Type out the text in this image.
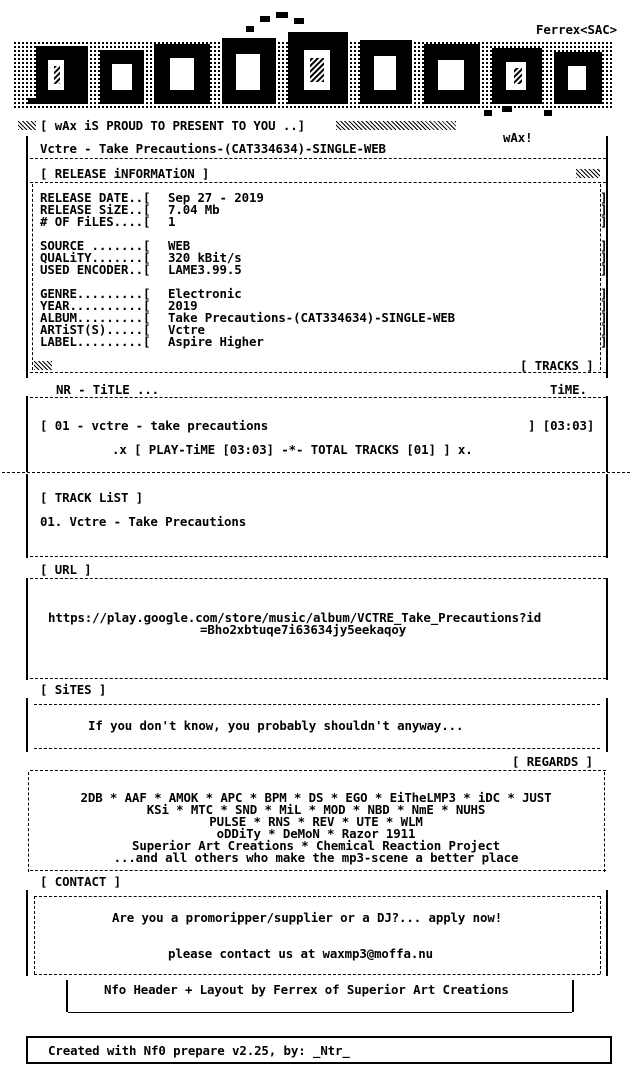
Ferrex<SAC>
[ wAx iS PROUD TO PRESENT TO YOU ..]
wAx!
Vctre - Take Precautions-(CAT334634)-SINGLE-WEB
[ RELEASE iNFORMATiON ]
RELEASE DATE..[ Sep 27 - 2019
RELEASE SiZE..[ 7.04 Mb
# OF FiLES....[ 1
SOURCE .......[ WEB
QUALiTY.......[ 320 kBit/s
USED ENCODER..[ LAME3.99.5
GENRE.........[ Electronic
YEAR..........[ 2019
ALBUM.........[ Take Precautions-(CAT334634)-SINGLE-WEB
ARTiST(S).....[ Vctre
LABEL.........[ Aspire Higher
]
]
]
]
]
]
]
]
]
]
]
[ TRACKS ]
NR - TiTLE ...	TiME.
[ 01 - vctre - take precautions	] [03:03]
.x [ PLAY-TiME [03:03] -*- TOTAL TRACKS [01] ] x.
[ TRACK LiST ]
01. Vctre - Take Precautions
[ URL ]
https://play.google.com/store/music/album/VCTRE_Take_Precautions?id
=Bho2xbtuqe7i63634jy5eekaqoy
[ SiTES ]
If you don't know, you probably shouldn't anyway...
[ REGARDS ]
2DB * AAF * AMOK * APC * BPM * DS * EGO * EiTheLMP3 * iDC * JUST
KSi * MTC * SND * MiL * MOD * NBD * NmE * NUHS
PULSE * RNS * REV * UTE * WLM
oDDiTy * DeMoN * Razor 1911
Superior Art Creations * Chemical Reaction Project
...and all others who make the mp3-scene a better place
[ CONTACT ]
Are you a promoripper/supplier or a DJ?... apply now!
please contact us at waxmp3@moffa.nu
Nfo Header + Layout by Ferrex of Superior Art Creations
Created with Nf0 prepare v2.25, by: _Ntr_
